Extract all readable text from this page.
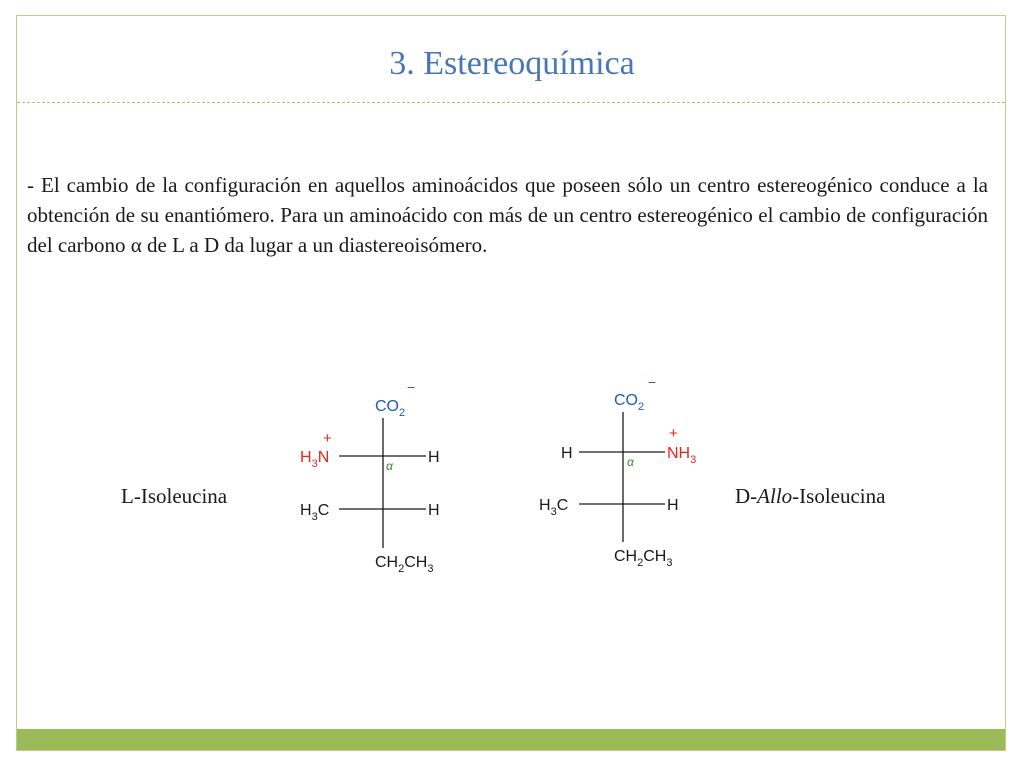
3. Estereoquímica
- El cambio de la configuración en aquellos aminoácidos que poseen sólo un centro estereogénico conduce a la obtención de su enantiómero. Para un aminoácido con más de un centro estereogénico el cambio de configuración del carbono α de L a D da lugar a un diastereoisómero.
L-Isoleucina	D-Allo-Isoleucina
$CO_2$
−
+
$H_3N$	H
α
$H_3C$	H
$CH_2CH_3$
$CO_2$
−
H
+
$NH_3$
α
$H_3C$	H
$CH_2CH_3$
